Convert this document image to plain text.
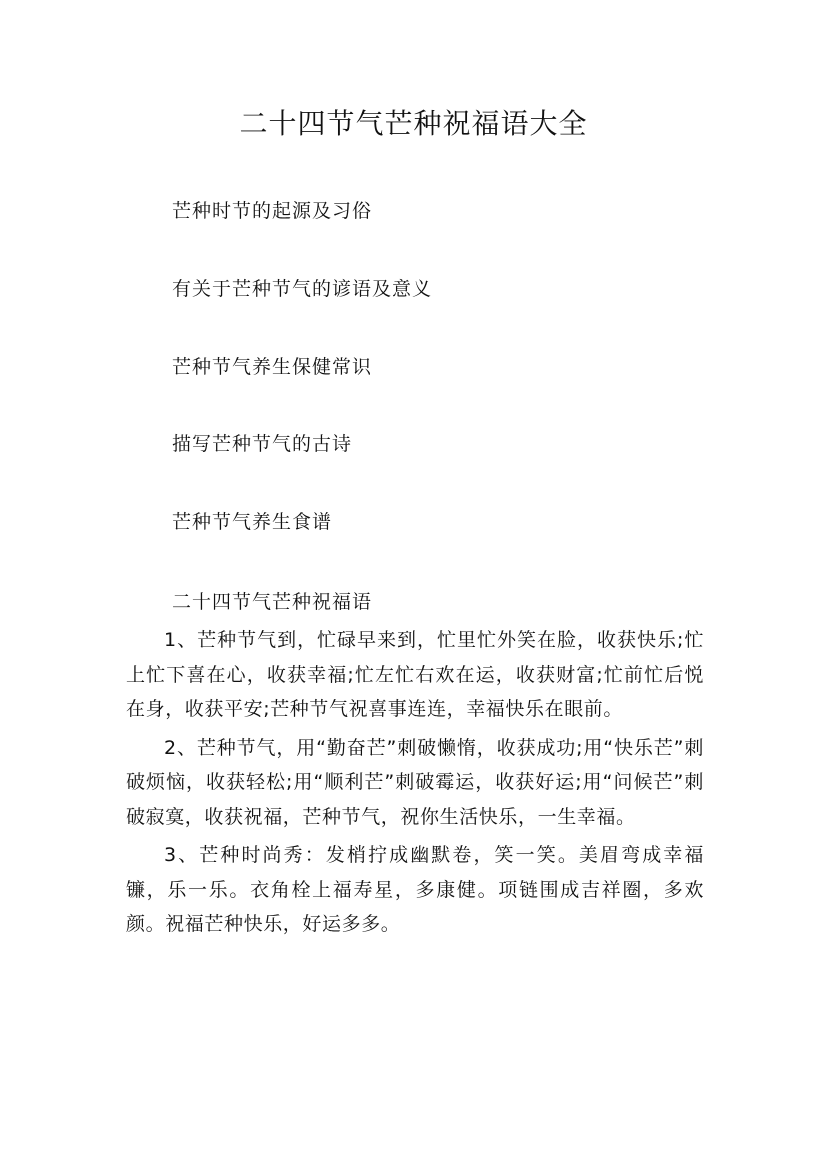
二十四节气芒种祝福语大全
芒种时节的起源及习俗
有关于芒种节气的谚语及意义
芒种节气养生保健常识
描写芒种节气的古诗
芒种节气养生食谱
二十四节气芒种祝福语

1、芒种节气到，忙碌早来到，忙里忙外笑在脸，收获快乐;忙上忙下喜在心，收获幸福;忙左忙右欢在运，收获财富;忙前忙后悦在身，收获平安;芒种节气祝喜事连连，幸福快乐在眼前。

2、芒种节气，用“勤奋芒”刺破懒惰，收获成功;用“快乐芒”刺破烦恼，收获轻松;用“顺利芒”刺破霉运，收获好运;用“问候芒”刺破寂寞，收获祝福，芒种节气，祝你生活快乐，一生幸福。

3、芒种时尚秀：发梢拧成幽默卷，笑一笑。美眉弯成幸福镰，乐一乐。衣角栓上福寿星，多康健。项链围成吉祥圈，多欢颜。祝福芒种快乐，好运多多。
